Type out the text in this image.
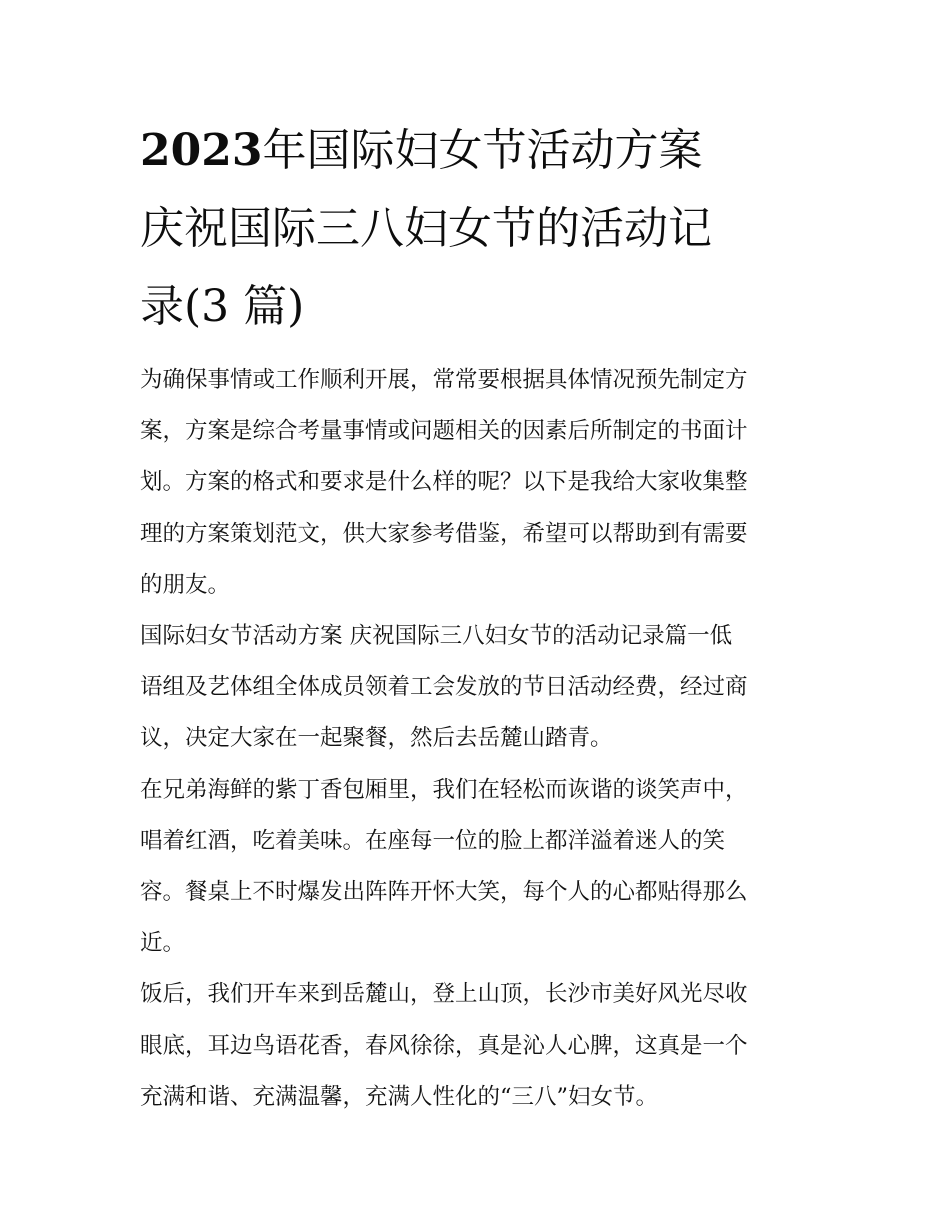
2023年国际妇女节活动方案
庆祝国际三八妇女节的活动记
录(3 篇)
为确保事情或工作顺利开展，常常要根据具体情况预先制定方
案，方案是综合考量事情或问题相关的因素后所制定的书面计
划。方案的格式和要求是什么样的呢？以下是我给大家收集整
理的方案策划范文，供大家参考借鉴，希望可以帮助到有需要
的朋友。
国际妇女节活动方案 庆祝国际三八妇女节的活动记录篇一低
语组及艺体组全体成员领着工会发放的节日活动经费，经过商
议，决定大家在一起聚餐，然后去岳麓山踏青。
在兄弟海鲜的紫丁香包厢里，我们在轻松而诙谐的谈笑声中，
唱着红酒，吃着美味。在座每一位的脸上都洋溢着迷人的笑
容。餐桌上不时爆发出阵阵开怀大笑，每个人的心都贴得那么
近。
饭后，我们开车来到岳麓山，登上山顶，长沙市美好风光尽收
眼底，耳边鸟语花香，春风徐徐，真是沁人心脾，这真是一个
充满和谐、充满温馨，充满人性化的“三八”妇女节。
